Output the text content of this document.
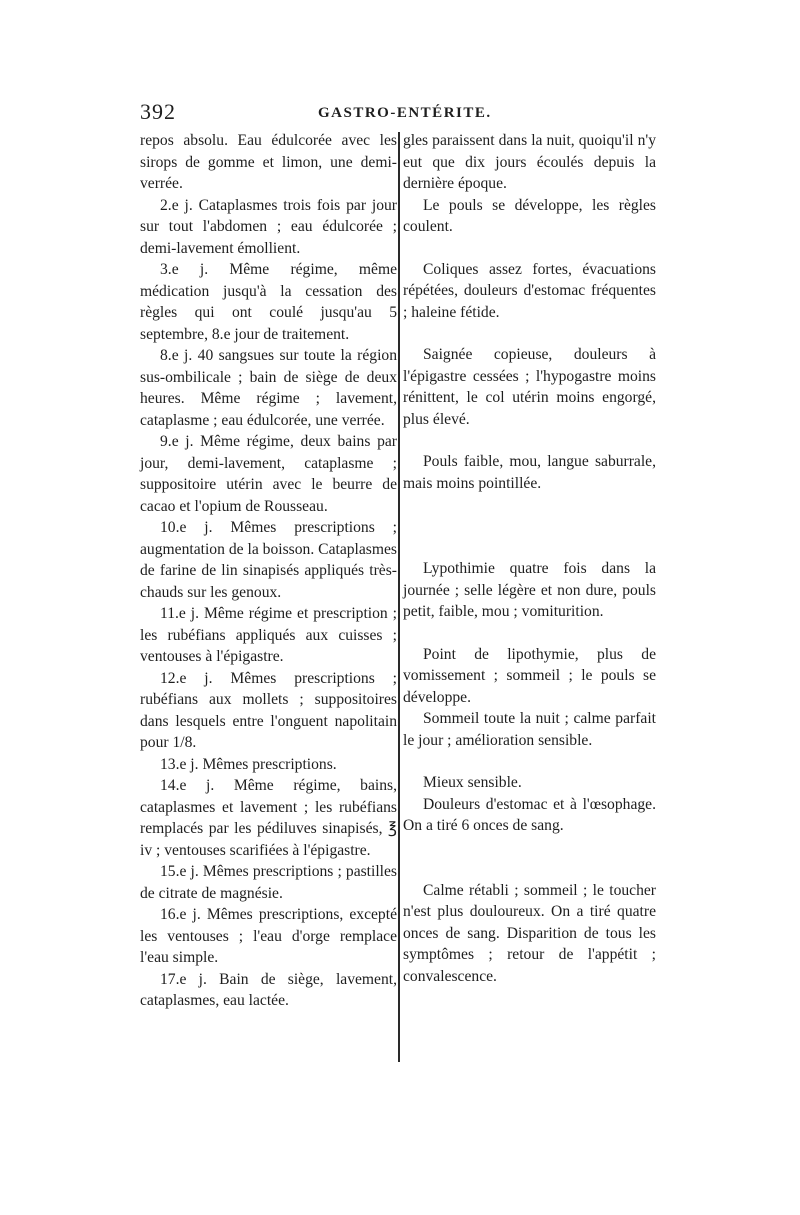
392	GASTRO-ENTÉRITE.

repos absolu. Eau édulcorée avec les sirops de gomme et limon, une demi-verrée.

2.e j. Cataplasmes trois fois par jour sur tout l'abdomen ; eau édulcorée ; demi-lavement émollient.

3.e j. Même régime, même médication jusqu'à la cessation des règles qui ont coulé jusqu'au 5 septembre, 8.e jour de traitement.

8.e j. 40 sangsues sur toute la région sus-ombilicale ; bain de siège de deux heures. Même régime ; lavement, cataplasme ; eau édulcorée, une verrée.

9.e j. Même régime, deux bains par jour, demi-lavement, cataplasme ; suppositoire utérin avec le beurre de cacao et l'opium de Rousseau.

10.e j. Mêmes prescriptions ; augmentation de la boisson. Cataplasmes de farine de lin sinapisés appliqués très-chauds sur les genoux.

11.e j. Même régime et prescription ; les rubéfians appliqués aux cuisses ; ventouses à l'épigastre.

12.e j. Mêmes prescriptions ; rubéfians aux mollets ; suppositoires dans lesquels entre l'onguent napolitain pour 1/8.

13.e j. Mêmes prescriptions.

14.e j. Même régime, bains, cataplasmes et lavement ; les rubéfians remplacés par les pédiluves sinapisés, ℥ iv ; ventouses scarifiées à l'épigastre.

15.e j. Mêmes prescriptions ; pastilles de citrate de magnésie.

16.e j. Mêmes prescriptions, excepté les ventouses ; l'eau d'orge remplace l'eau simple.

17.e j. Bain de siège, lavement, cataplasmes, eau lactée.

gles paraissent dans la nuit, quoiqu'il n'y eut que dix jours écoulés depuis la dernière époque.

Le pouls se développe, les règles coulent.

Coliques assez fortes, évacuations répétées, douleurs d'estomac fréquentes ; haleine fétide.

Saignée copieuse, douleurs à l'épigastre cessées ; l'hypogastre moins rénittent, le col utérin moins engorgé, plus élevé.

Pouls faible, mou, langue saburrale, mais moins pointillée.

Lypothimie quatre fois dans la journée ; selle légère et non dure, pouls petit, faible, mou ; vomiturition.

Point de lipothymie, plus de vomissement ; sommeil ; le pouls se développe.

Sommeil toute la nuit ; calme parfait le jour ; amélioration sensible.

Mieux sensible.

Douleurs d'estomac et à l'œsophage. On a tiré 6 onces de sang.

Calme rétabli ; sommeil ; le toucher n'est plus douloureux. On a tiré quatre onces de sang. Disparition de tous les symptômes ; retour de l'appétit ; convalescence.
